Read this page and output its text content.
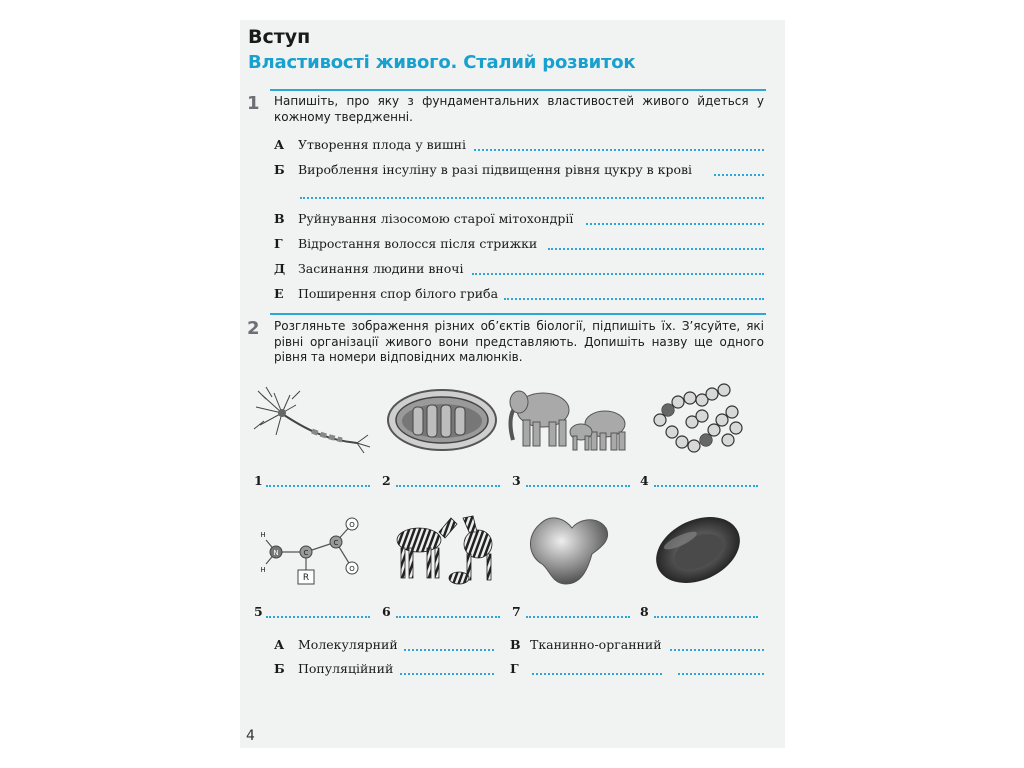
Вступ
Властивості живого. Сталий розвиток
1 Напишіть, про яку з фундаментальних властивостей живого йдеться у кожному твердженні.
А Утворення плода у вишні
Б Вироблення інсуліну в разі підвищення рівня цукру в крові
В Руйнування лізосомою старої мітохондрії
Г Відростання волосся після стрижки
Д Засинання людини вночі
Е Поширення спор білого гриба
2 Розгляньте зображення різних об’єктів біології, підпишіть їх. З’ясуйте, які рівні організації живого вони представляють. Допишіть назву ще одного рівня та номери відповідних малюнків.
H
H
N	C
C
O
O
R
1	2	3	4
5	6	7	8
А Молекулярний
Б Популяційний
В Тканинно-органний
Г
4
